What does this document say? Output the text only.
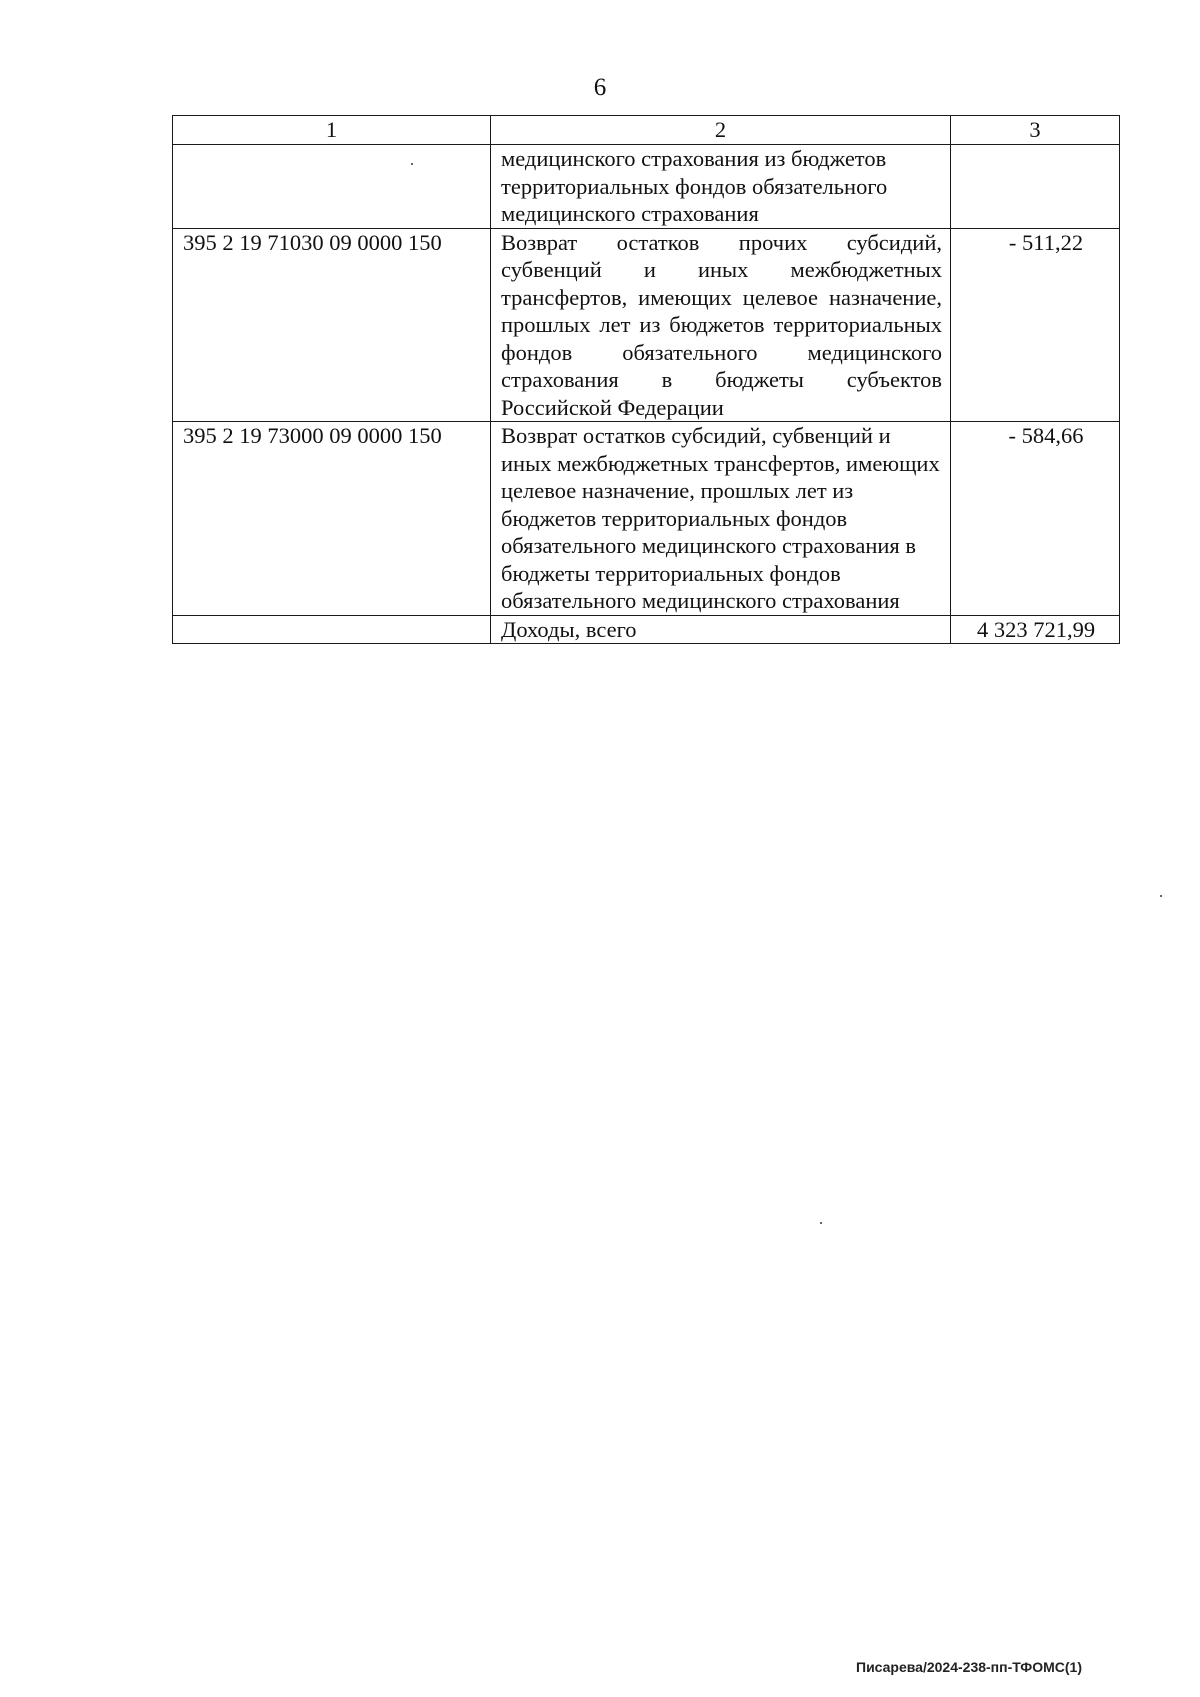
6
1	2	3
	медицинского страхования из бюджетов территориальных фондов обязательного медицинского страхования	
395 2 19 71030 09 0000 150	Возврат остатков прочих субсидий, субвенций и иных межбюджетных трансфертов, имеющих целевое назначение, прошлых лет из бюджетов территориальных фондов обязательного медицинского страхования в бюджеты субъектов Российской Федерации	- 511,22
395 2 19 73000 09 0000 150	Возврат остатков субсидий, субвенций и иных межбюджетных трансфертов, имеющих целевое назначение, прошлых лет из бюджетов территориальных фондов обязательного медицинского страхования в бюджеты территориальных фондов обязательного медицинского страхования	- 584,66
	Доходы, всего	4 323 721,99
Писарева/2024-238-пп-ТФОМС(1)
